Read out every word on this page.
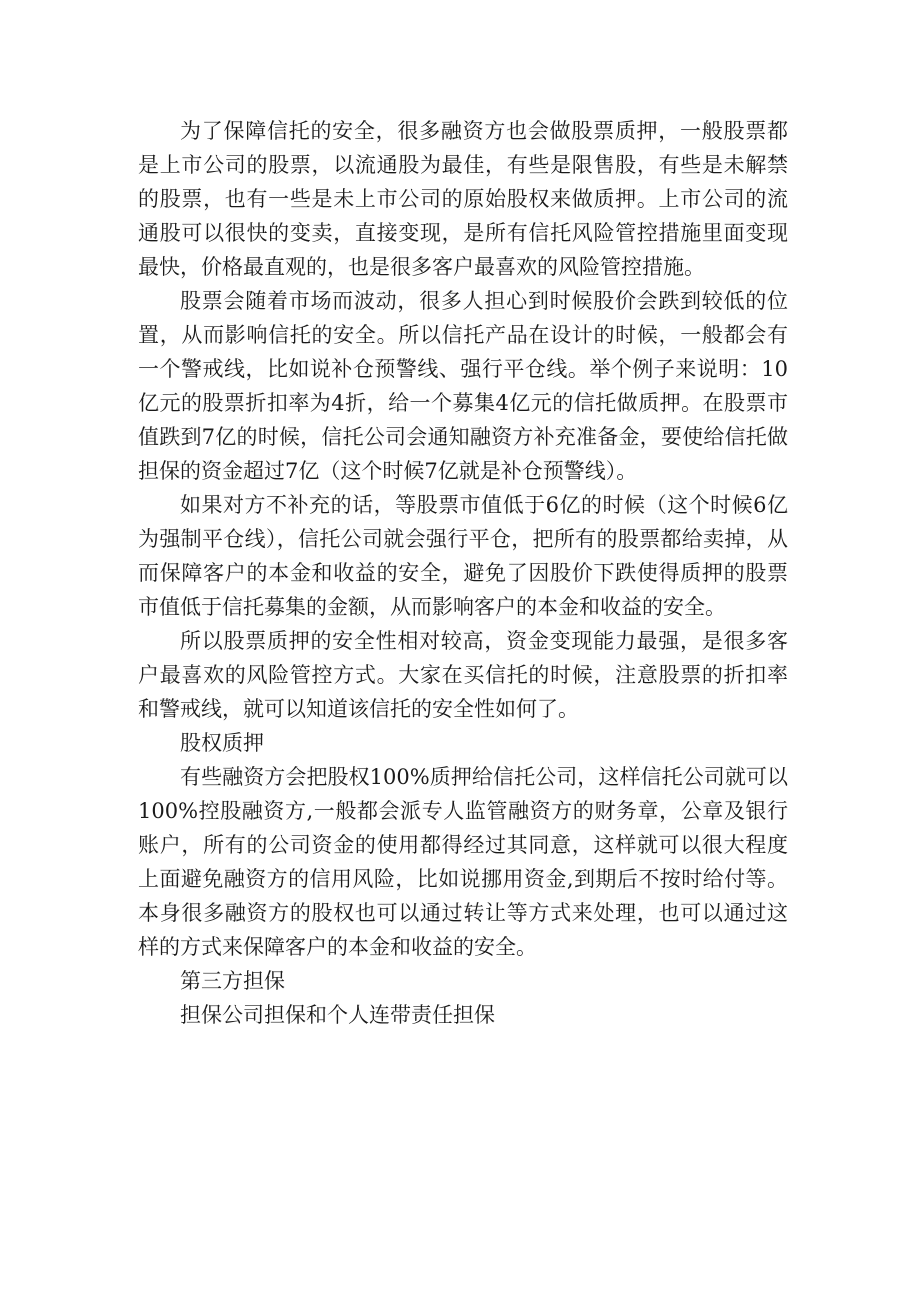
为了保障信托的安全，很多融资方也会做股票质押，一般股票都是上市公司的股票，以流通股为最佳，有些是限售股，有些是未解禁的股票，也有一些是未上市公司的原始股权来做质押。上市公司的流通股可以很快的变卖，直接变现，是所有信托风险管控措施里面变现最快，价格最直观的，也是很多客户最喜欢的风险管控措施。

股票会随着市场而波动，很多人担心到时候股价会跌到较低的位置，从而影响信托的安全。所以信托产品在设计的时候，一般都会有一个警戒线，比如说补仓预警线、强行平仓线。举个例子来说明：10亿元的股票折扣率为4折，给一个募集4亿元的信托做质押。在股票市值跌到7亿的时候，信托公司会通知融资方补充准备金，要使给信托做担保的资金超过7亿（这个时候7亿就是补仓预警线）。

如果对方不补充的话，等股票市值低于6亿的时候（这个时候6亿为强制平仓线），信托公司就会强行平仓，把所有的股票都给卖掉，从而保障客户的本金和收益的安全，避免了因股价下跌使得质押的股票市值低于信托募集的金额，从而影响客户的本金和收益的安全。

所以股票质押的安全性相对较高，资金变现能力最强，是很多客户最喜欢的风险管控方式。大家在买信托的时候，注意股票的折扣率和警戒线，就可以知道该信托的安全性如何了。

股权质押

有些融资方会把股权100%质押给信托公司，这样信托公司就可以100%控股融资方,一般都会派专人监管融资方的财务章，公章及银行账户，所有的公司资金的使用都得经过其同意，这样就可以很大程度上面避免融资方的信用风险，比如说挪用资金,到期后不按时给付等。本身很多融资方的股权也可以通过转让等方式来处理，也可以通过这样的方式来保障客户的本金和收益的安全。

第三方担保

担保公司担保和个人连带责任担保
